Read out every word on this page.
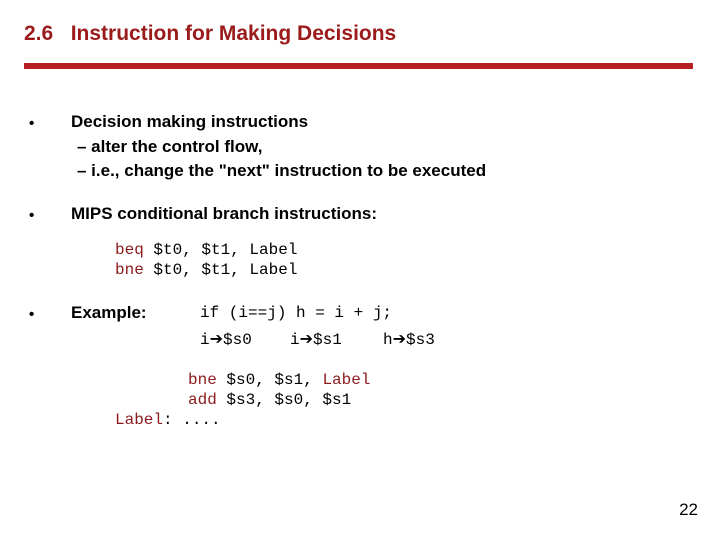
2.6   Instruction for Making Decisions
• Decision making instructions
– alter the control flow,
– i.e., change the "next" instruction to be executed
• MIPS conditional branch instructions:
beq $t0, $t1, Label
bne $t0, $t1, Label
• Example:	if (i==j) h = i + j;
i➔$s0 i➔$s1	h➔$s3
bne $s0, $s1, Label
add $s3, $s0, $s1
Label: ....
22
